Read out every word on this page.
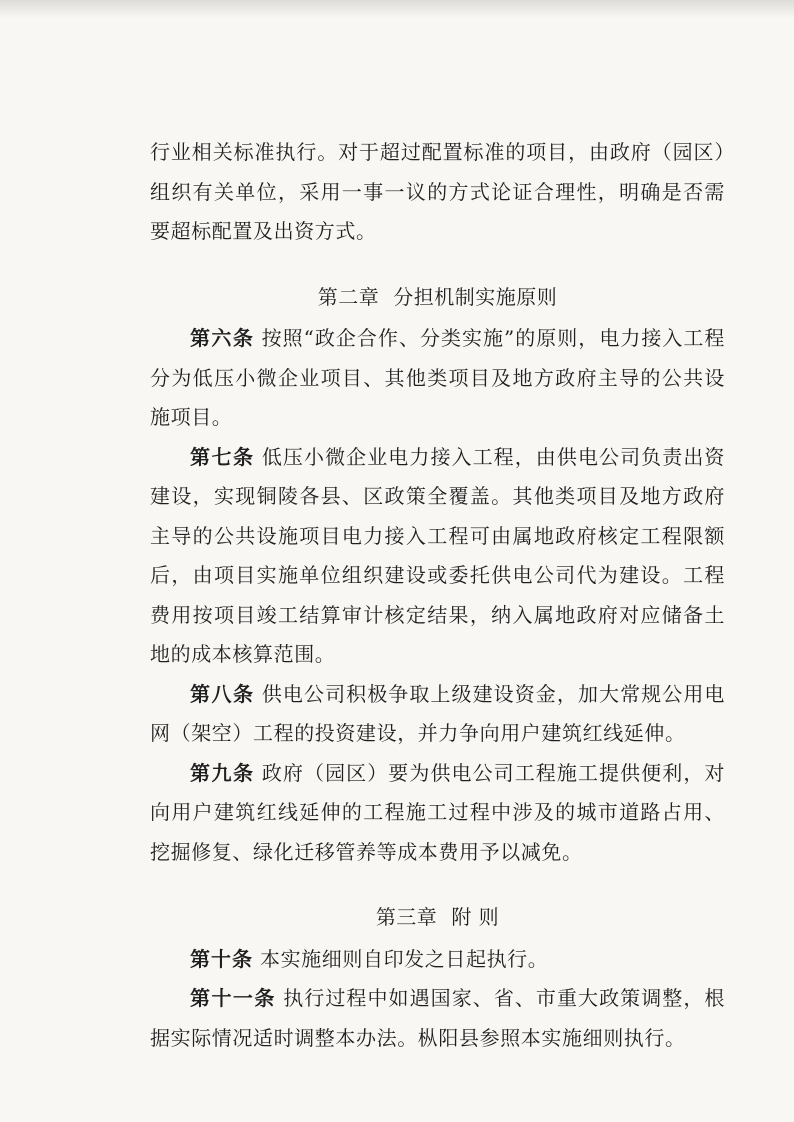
行业相关标准执行。对于超过配置标准的项目，由政府（园区）组织有关单位，采用一事一议的方式论证合理性，明确是否需要超标配置及出资方式。

第二章 分担机制实施原则

第六条 按照“政企合作、分类实施”的原则，电力接入工程分为低压小微企业项目、其他类项目及地方政府主导的公共设施项目。

第七条 低压小微企业电力接入工程，由供电公司负责出资建设，实现铜陵各县、区政策全覆盖。其他类项目及地方政府主导的公共设施项目电力接入工程可由属地政府核定工程限额后，由项目实施单位组织建设或委托供电公司代为建设。工程费用按项目竣工结算审计核定结果，纳入属地政府对应储备土地的成本核算范围。

第八条 供电公司积极争取上级建设资金，加大常规公用电网（架空）工程的投资建设，并力争向用户建筑红线延伸。

第九条 政府（园区）要为供电公司工程施工提供便利，对向用户建筑红线延伸的工程施工过程中涉及的城市道路占用、挖掘修复、绿化迁移管养等成本费用予以减免。

第三章 附 则

第十条 本实施细则自印发之日起执行。

第十一条 执行过程中如遇国家、省、市重大政策调整，根据实际情况适时调整本办法。枞阳县参照本实施细则执行。
